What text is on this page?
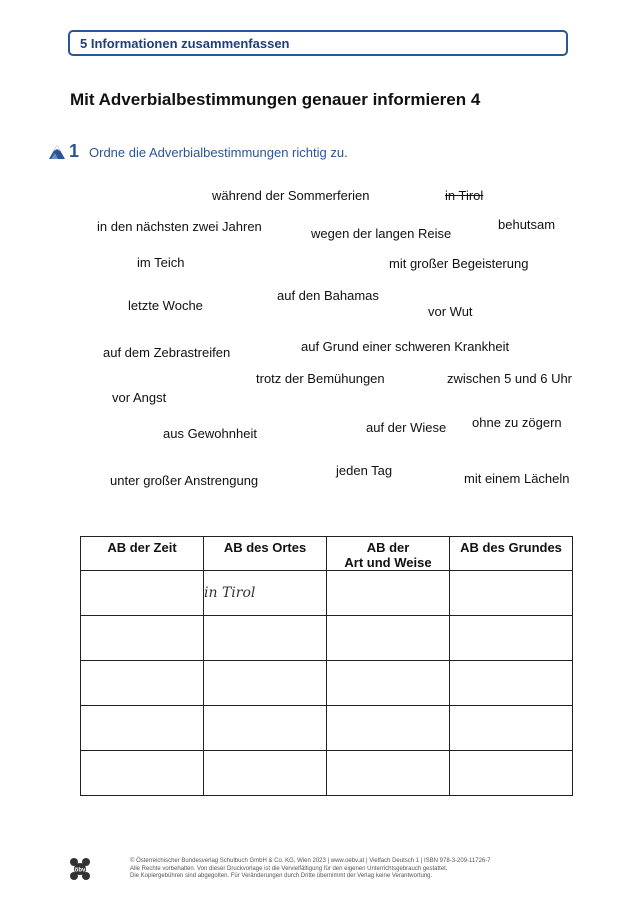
5 Informationen zusammenfassen
Mit Adverbialbestimmungen genauer informieren 4
1 Ordne die Adverbialbestimmungen richtig zu.
während der Sommerferien	in Tirol
in den nächsten zwei Jahren	wegen der langen Reise
behutsam
im Teich	mit großer Begeisterung
letzte Woche
auf den Bahamas
vor Wut
auf dem Zebrastreifen	auf Grund einer schweren Krankheit
trotz der Bemühungen	zwischen 5 und 6 Uhr
vor Angst
aus Gewohnheit	auf der Wiese ohne zu zögern
unter großer Anstrengung
jeden Tag
mit einem Lächeln
AB der Zeit	AB des Ortes	AB der
Art und Weise	AB des Grundes
	in Tirol		

öbv
© Österreichischer Bundesverlag Schulbuch GmbH & Co. KG, Wien 2023 | www.oebv.at | Vielfach Deutsch 1 | ISBN 978-3-209-11726-7
Alle Rechte vorbehalten. Von dieser Druckvorlage ist die Vervielfältigung für den eigenen Unterrichtsgebrauch gestattet.
Die Kopiergebühren sind abgegolten. Für Veränderungen durch Dritte übernimmt der Verlag keine Verantwortung.
